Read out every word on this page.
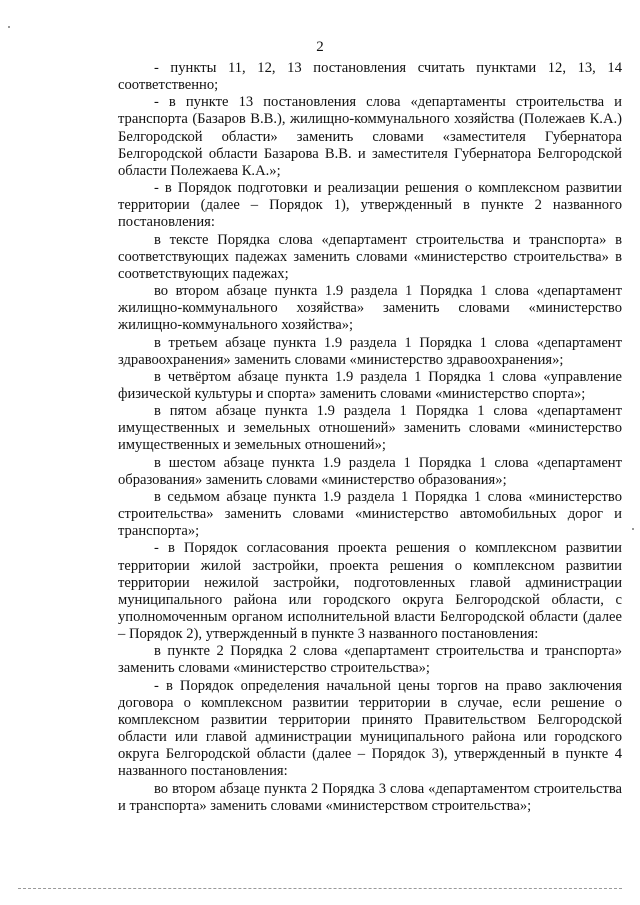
2

- пункты 11, 12, 13 постановления считать пунктами 12, 13, 14 соответственно;

- в пункте 13 постановления слова «департаменты строительства и транспорта (Базаров В.В.), жилищно-коммунального хозяйства (Полежаев К.А.) Белгородской области» заменить словами «заместителя Губернатора Белгородской области Базарова В.В. и заместителя Губернатора Белгородской области Полежаева К.А.»;

- в Порядок подготовки и реализации решения о комплексном развитии территории (далее – Порядок 1), утвержденный в пункте 2 названного постановления:

в тексте Порядка слова «департамент строительства и транспорта» в соответствующих падежах заменить словами «министерство строительства» в соответствующих падежах;

во втором абзаце пункта 1.9 раздела 1 Порядка 1 слова «департамент жилищно-коммунального хозяйства» заменить словами «министерство жилищно-коммунального хозяйства»;

в третьем абзаце пункта 1.9 раздела 1 Порядка 1 слова «департамент здравоохранения» заменить словами «министерство здравоохранения»;

в четвёртом абзаце пункта 1.9 раздела 1 Порядка 1 слова «управление физической культуры и спорта» заменить словами «министерство спорта»;

в пятом абзаце пункта 1.9 раздела 1 Порядка 1 слова «департамент имущественных и земельных отношений» заменить словами «министерство имущественных и земельных отношений»;

в шестом абзаце пункта 1.9 раздела 1 Порядка 1 слова «департамент образования» заменить словами «министерство образования»;

в седьмом абзаце пункта 1.9 раздела 1 Порядка 1 слова «министерство строительства» заменить словами «министерство автомобильных дорог и транспорта»;

- в Порядок согласования проекта решения о комплексном развитии территории жилой застройки, проекта решения о комплексном развитии территории нежилой застройки, подготовленных главой администрации муниципального района или городского округа Белгородской области, с уполномоченным органом исполнительной власти Белгородской области (далее – Порядок 2), утвержденный в пункте 3 названного постановления:

в пункте 2 Порядка 2 слова «департамент строительства и транспорта» заменить словами «министерство строительства»;

- в Порядок определения начальной цены торгов на право заключения договора о комплексном развитии территории в случае, если решение о комплексном развитии территории принято Правительством Белгородской области или главой администрации муниципального района или городского округа Белгородской области (далее – Порядок 3), утвержденный в пункте 4 названного постановления:

во втором абзаце пункта 2 Порядка 3 слова «департаментом строительства и транспорта» заменить словами «министерством строительства»;
